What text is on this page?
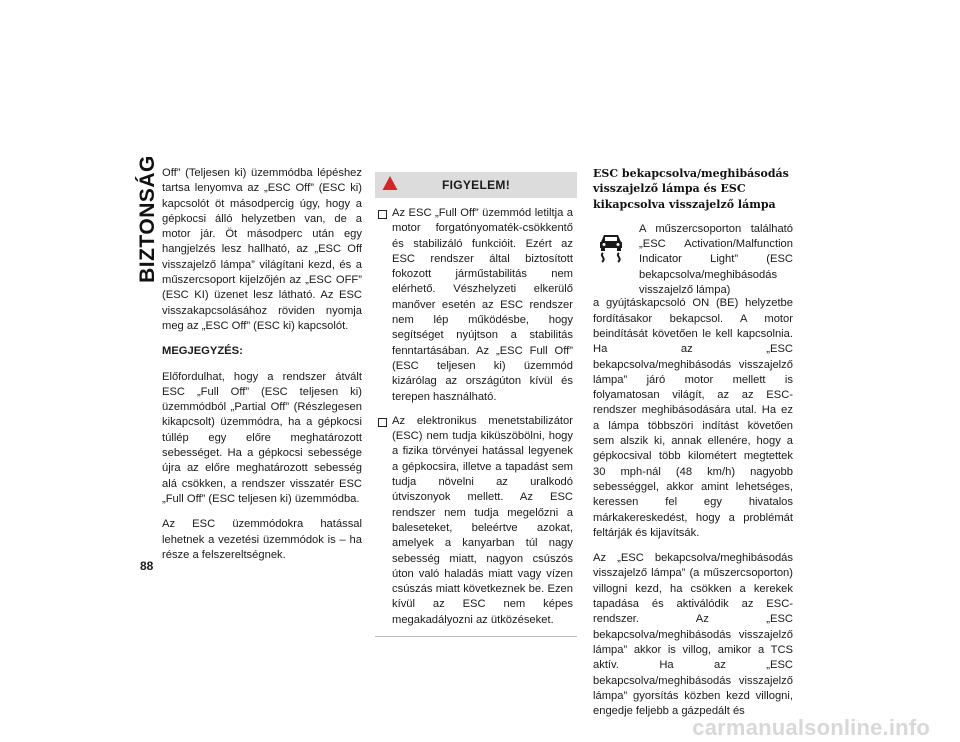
BIZTONSÁG
88

Off” (Teljesen ki) üzemmódba lépéshez tartsa lenyomva az „ESC Off” (ESC ki) kapcsolót öt másodpercig úgy, hogy a gépkocsi álló helyzetben van, de a motor jár. Öt másodperc után egy hangjelzés lesz hallható, az „ESC Off visszajelző lámpa” világítani kezd, és a műszercsoport kijelzőjén az „ESC OFF” (ESC KI) üzenet lesz látható. Az ESC visszakapcsolásához röviden nyomja meg az „ESC Off” (ESC ki) kapcsolót.

MEGJEGYZÉS:

Előfordulhat, hogy a rendszer átvált ESC „Full Off” (ESC teljesen ki) üzemmódból „Partial Off” (Részlegesen kikapcsolt) üzemmódra, ha a gépkocsi túllép egy előre meghatározott sebességet. Ha a gépkocsi sebessége újra az előre meghatározott sebesség alá csökken, a rendszer visszatér ESC „Full Off” (ESC teljesen ki) üzemmódba.

Az ESC üzemmódokra hatással lehetnek a vezetési üzemmódok is – ha része a felszereltségnek.

FIGYELEM!
Az ESC „Full Off” üzemmód letiltja a motor forgatónyomaték-csökkentő és stabilizáló funkcióit. Ezért az ESC rendszer által biztosított fokozott járműstabilitás nem elérhető. Vészhelyzeti elkerülő manőver esetén az ESC rendszer nem lép működésbe, hogy segítséget nyújtson a stabilitás fenntartásában. Az „ESC Full Off” (ESC teljesen ki) üzemmód kizárólag az országúton kívül és terepen használható.
Az elektronikus menetstabilizátor (ESC) nem tudja kiküszöbölni, hogy a fizika törvényei hatással legyenek a gépkocsira, illetve a tapadást sem tudja növelni az uralkodó útviszonyok mellett. Az ESC rendszer nem tudja megelőzni a baleseteket, beleértve azokat, amelyek a kanyarban túl nagy sebesség miatt, nagyon csúszós úton való haladás miatt vagy vízen csúszás miatt következnek be. Ezen kívül az ESC nem képes megakadályozni az ütközéseket.

ESC bekapcsolva/meghibásodás visszajelző lámpa és ESC kikapcsolva visszajelző lámpa

A műszercsoporton található „ESC Activation/Malfunction Indicator Light” (ESC bekapcsolva/meghibásodás visszajelző lámpa)

a gyújtáskapcsoló ON (BE) helyzetbe fordításakor bekapcsol. A motor beindítását követően le kell kapcsolnia. Ha az „ESC bekapcsolva/meghibásodás visszajelző lámpa” járó motor mellett is folyamatosan világít, az az ESC-rendszer meghibásodására utal. Ha ez a lámpa többszöri indítást követően sem alszik ki, annak ellenére, hogy a gépkocsival több kilométert megtettek 30 mph-nál (48 km/h) nagyobb sebességgel, akkor amint lehetséges, keressen fel egy hivatalos márkakereskedést, hogy a problémát feltárják és kijavítsák.

Az „ESC bekapcsolva/meghibásodás visszajelző lámpa” (a műszercsoporton) villogni kezd, ha csökken a kerekek tapadása és aktiválódik az ESC-rendszer. Az „ESC bekapcsolva/meghibásodás visszajelző lámpa” akkor is villog, amikor a TCS aktív. Ha az „ESC bekapcsolva/meghibásodás visszajelző lámpa” gyorsítás közben kezd villogni, engedje feljebb a gázpedált és

carmanualsonline.info
